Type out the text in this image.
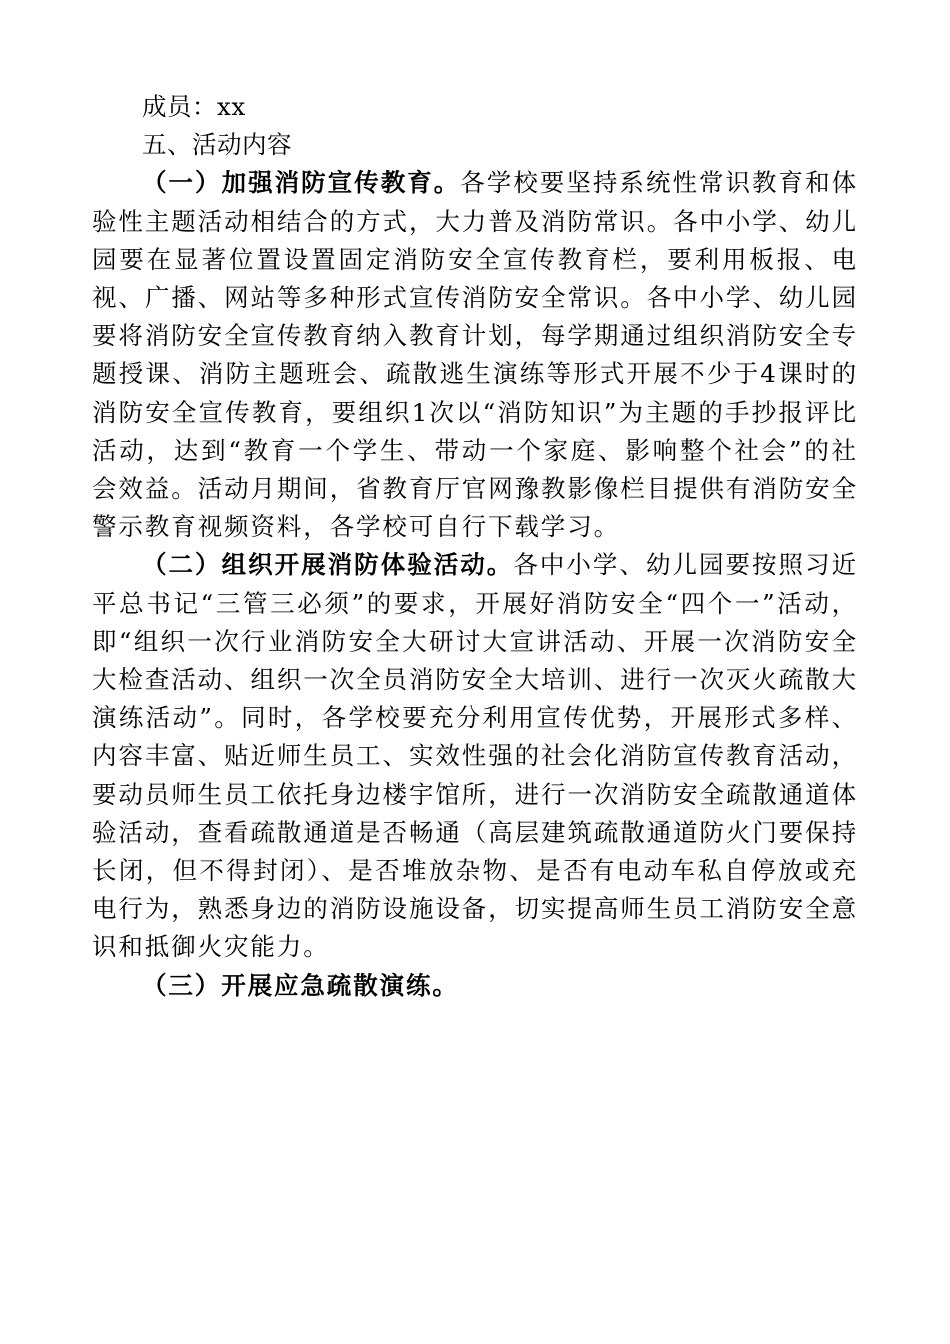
成员：xx

五、活动内容

（一）加强消防宣传教育。各学校要坚持系统性常识教育和体验性主题活动相结合的方式，大力普及消防常识。各中小学、幼儿园要在显著位置设置固定消防安全宣传教育栏，要利用板报、电视、广播、网站等多种形式宣传消防安全常识。各中小学、幼儿园要将消防安全宣传教育纳入教育计划，每学期通过组织消防安全专题授课、消防主题班会、疏散逃生演练等形式开展不少于4课时的消防安全宣传教育，要组织1次以“消防知识”为主题的手抄报评比活动，达到“教育一个学生、带动一个家庭、影响整个社会”的社会效益。活动月期间，省教育厅官网豫教影像栏目提供有消防安全警示教育视频资料，各学校可自行下载学习。

（二）组织开展消防体验活动。各中小学、幼儿园要按照习近平总书记“三管三必须”的要求，开展好消防安全“四个一”活动，即“组织一次行业消防安全大研讨大宣讲活动、开展一次消防安全大检查活动、组织一次全员消防安全大培训、进行一次灭火疏散大演练活动”。同时，各学校要充分利用宣传优势，开展形式多样、内容丰富、贴近师生员工、实效性强的社会化消防宣传教育活动，要动员师生员工依托身边楼宇馆所，进行一次消防安全疏散通道体验活动，查看疏散通道是否畅通（高层建筑疏散通道防火门要保持长闭，但不得封闭）、是否堆放杂物、是否有电动车私自停放或充电行为，熟悉身边的消防设施设备，切实提高师生员工消防安全意识和抵御火灾能力。

（三）开展应急疏散演练。
